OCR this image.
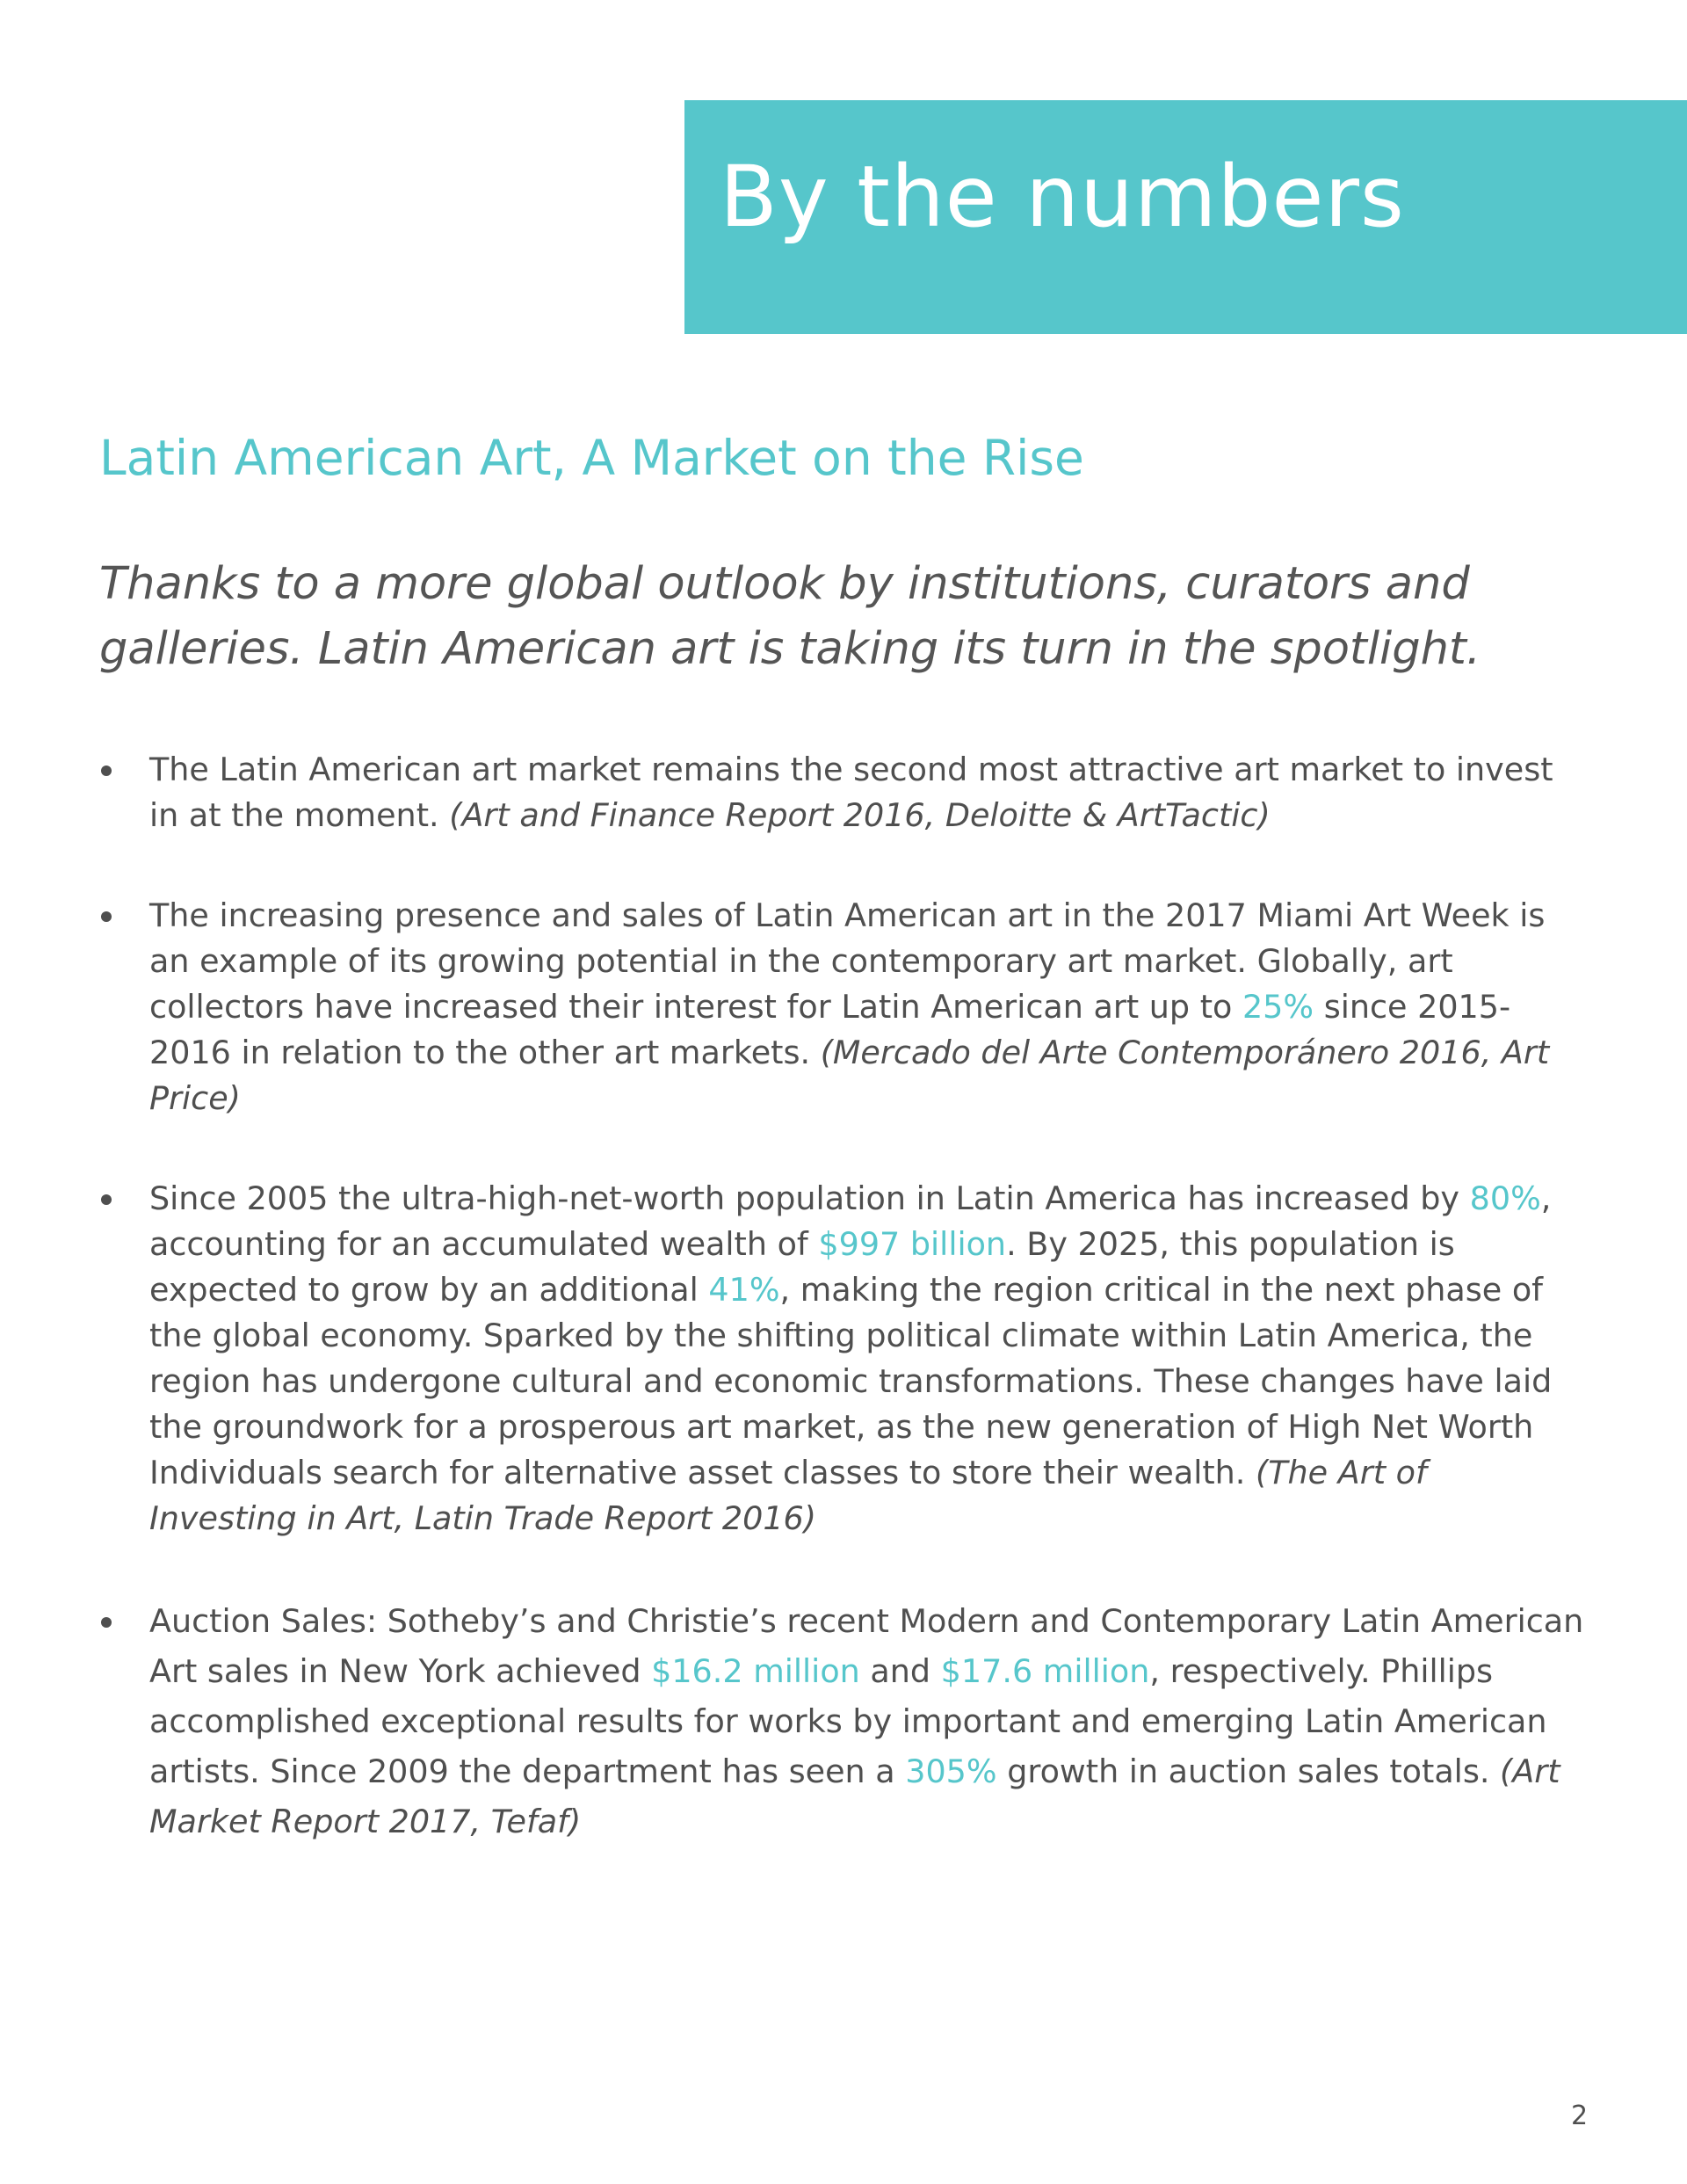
By the numbers
Latin American Art, A Market on the Rise

Thanks to a more global outlook by institutions, curators and galleries. Latin American art is taking its turn in the spotlight.

The Latin American art market remains the second most attractive art market to invest in at the moment. (Art and Finance Report 2016, Deloitte & ArtTactic)
The increasing presence and sales of Latin American art in the 2017 Miami Art Week is an example of its growing potential in the contemporary art market. Globally, art collectors have increased their interest for Latin American art up to 25% since 2015-2016 in relation to the other art markets. (Mercado del Arte Contemporánero 2016, Art Price)
Since 2005 the ultra-high-net-worth population in Latin America has increased by 80%, accounting for an accumulated wealth of $997 billion. By 2025, this population is expected to grow by an additional 41%, making the region critical in the next phase of the global economy. Sparked by the shifting political climate within Latin America, the region has undergone cultural and economic transformations. These changes have laid the groundwork for a prosperous art market, as the new generation of High Net Worth Individuals search for alternative asset classes to store their wealth. (The Art of Investing in Art, Latin Trade Report 2016)
Auction Sales: Sotheby’s and Christie’s recent Modern and Contemporary Latin American Art sales in New York achieved $16.2 million and $17.6 million, respectively. Phillips accomplished exceptional results for works by important and emerging Latin American artists. Since 2009 the department has seen a 305% growth in auction sales totals. (Art Market Report 2017, Tefaf)
2
